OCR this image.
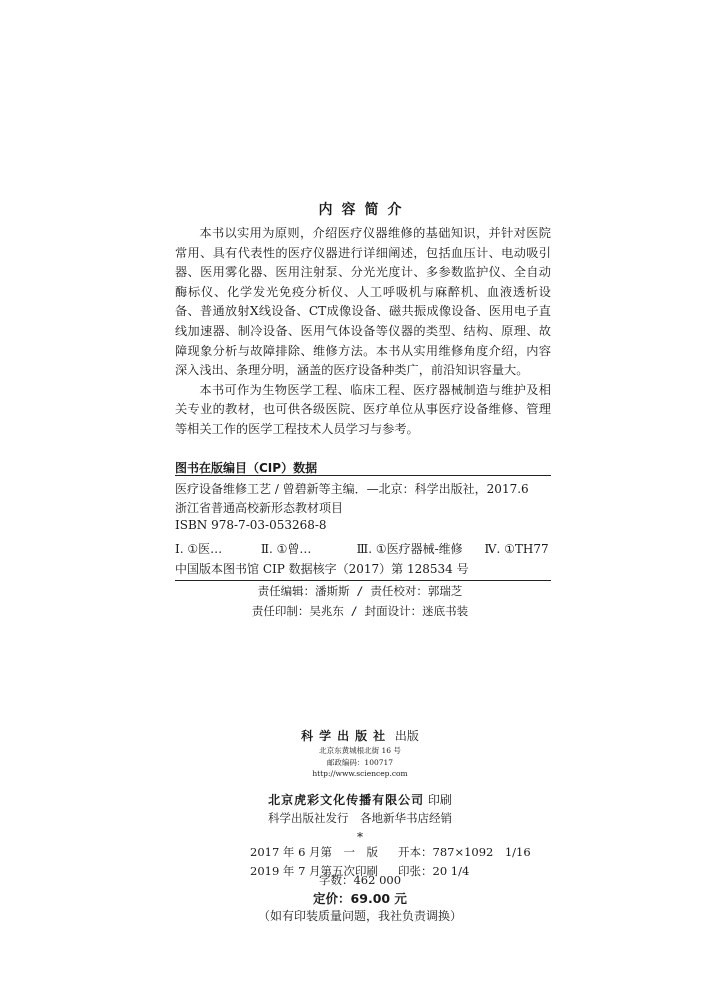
内容简介

本书以实用为原则，介绍医疗仪器维修的基础知识，并针对医院常用、具有代表性的医疗仪器进行详细阐述，包括血压计、电动吸引器、医用雾化器、医用注射泵、分光光度计、多参数监护仪、全自动酶标仪、化学发光免疫分析仪、人工呼吸机与麻醉机、血液透析设备、普通放射X线设备、CT成像设备、磁共振成像设备、医用电子直线加速器、制冷设备、医用气体设备等仪器的类型、结构、原理、故障现象分析与故障排除、维修方法。本书从实用维修角度介绍，内容深入浅出、条理分明，涵盖的医疗设备种类广，前沿知识容量大。

本书可作为生物医学工程、临床工程、医疗器械制造与维护及相关专业的教材，也可供各级医院、医疗单位从事医疗设备维修、管理等相关工作的医学工程技术人员学习与参考。

图书在版编目（CIP）数据
医疗设备维修工艺 / 曾碧新等主编．—北京：科学出版社，2017.6
浙江省普通高校新形态教材项目
ISBN 978-7-03-053268-8
Ⅰ. ①医…	Ⅱ. ①曾…	Ⅲ. ①医疗器械-维修 Ⅳ. ①TH77
中国版本图书馆 CIP 数据核字（2017）第 128534 号
责任编辑：潘斯斯 / 责任校对：郭瑞芝
责任印制：吴兆东 / 封面设计：迷底书装
科学出版社 出版
北京东黄城根北街 16 号
邮政编码：100717
http://www.sciencep.com
北京虎彩文化传播有限公司 印刷
科学出版社发行　各地新华书店经销
*
2017 年 6 月第　一　版 开本：787×1092　1/16
2019 年 7 月第五次印刷 印张：20 1/4
字数：462 000
定价：69.00 元
（如有印装质量问题，我社负责调换）
